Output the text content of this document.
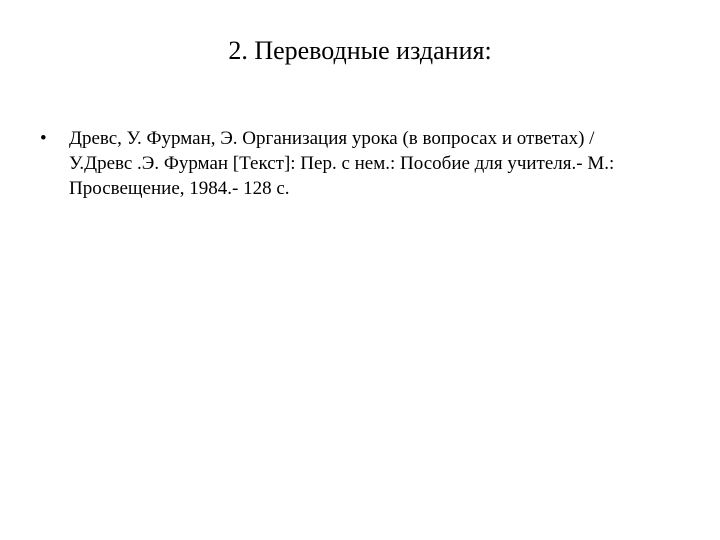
2. Переводные издания:
• Древс, У. Фурман, Э. Организация урока (в вопросах и ответах) /
У.Древс .Э. Фурман [Текст]: Пер. с нем.: Пособие для учителя.- М.:
Просвещение, 1984.- 128 с.
